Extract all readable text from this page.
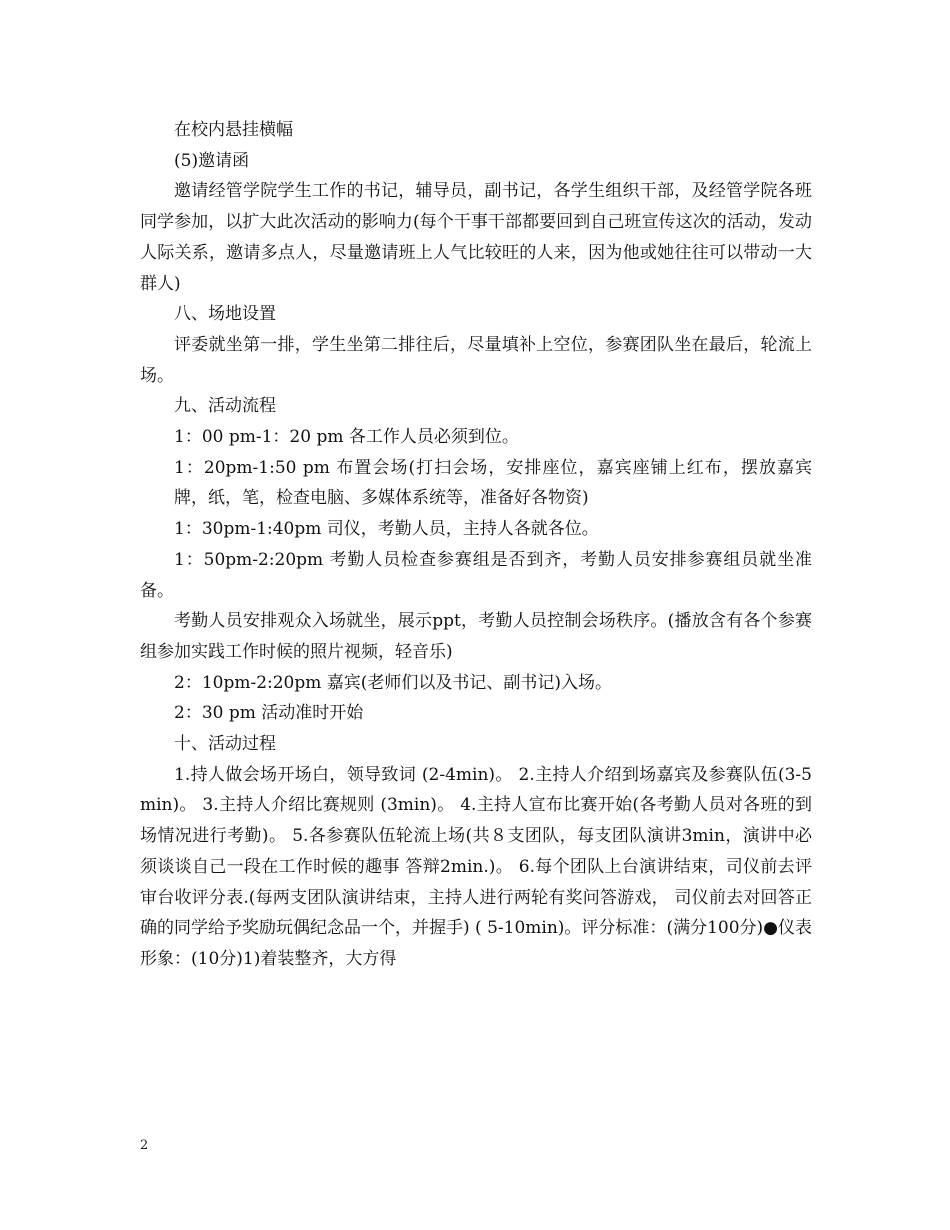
在校内悬挂横幅

(5)邀请函

邀请经管学院学生工作的书记，辅导员，副书记，各学生组织干部，及经管学院各班同学参加，以扩大此次活动的影响力(每个干事干部都要回到自己班宣传这次的活动，发动人际关系，邀请多点人，尽量邀请班上人气比较旺的人来，因为他或她往往可以带动一大群人)

八、场地设置

评委就坐第一排，学生坐第二排往后，尽量填补上空位，参赛团队坐在最后，轮流上场。

九、活动流程

1：00 pm-1：20 pm 各工作人员必须到位。

1：20pm-1:50 pm 布置会场(打扫会场，安排座位，嘉宾座铺上红布，摆放嘉宾牌，纸，笔，检查电脑、多媒体系统等，准备好各物资)

1：30pm-1:40pm 司仪，考勤人员，主持人各就各位。

1：50pm-2:20pm 考勤人员检查参赛组是否到齐，考勤人员安排参赛组员就坐准备。

考勤人员安排观众入场就坐，展示ppt，考勤人员控制会场秩序。(播放含有各个参赛组参加实践工作时候的照片视频，轻音乐)

2：10pm-2:20pm 嘉宾(老师们以及书记、副书记)入场。

2：30 pm 活动准时开始

十、活动过程

1.持人做会场开场白，领导致词 (2-4min)。 2.主持人介绍到场嘉宾及参赛队伍(3-5min)。 3.主持人介绍比赛规则 (3min)。 4.主持人宣布比赛开始(各考勤人员对各班的到场情况进行考勤)。 5.各参赛队伍轮流上场(共８支团队，每支团队演讲3min，演讲中必须谈谈自己一段在工作时候的趣事 答辩2min.)。 6.每个团队上台演讲结束，司仪前去评审台收评分表.(每两支团队演讲结束，主持人进行两轮有奖问答游戏， 司仪前去对回答正确的同学给予奖励玩偶纪念品一个，并握手) ( 5-10min)。评分标准：(满分100分)●仪表形象：(10分)1)着装整齐，大方得

2
